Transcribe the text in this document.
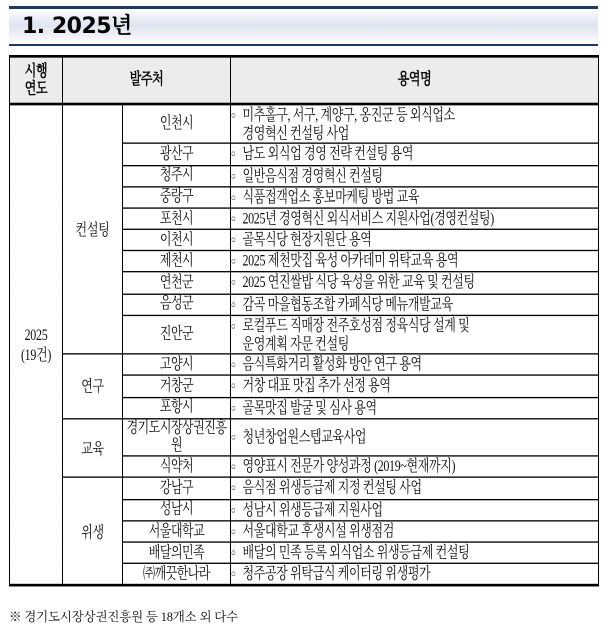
1. 2025년
시행
연도	발주처		용역명
2025
(19건)	컨설팅	인천시	○ 미추홀구, 서구, 계양구, 옹진군 등 외식업소
경영혁신 컨설팅 사업

		광산구	○ 남도 외식업 경영 전략 컨설팅 용역

		청주시	○ 일반음식점 경영혁신 컨설팅

		중랑구	○ 식품접객업소 홍보마케팅 방법 교육

		포천시	○ 2025년 경영혁신 외식서비스 지원사업(경영컨설팅)

		이천시	○ 골목식당 현장지원단 용역

		제천시	○ 2025 제천맛집 육성 아카데미 위탁교육 용역

		연천군	○ 2025 연진쌀밥 식당 육성을 위한 교육 및 컨설팅

		음성군	○ 감곡 마을협동조합 카페식당 메뉴개발교육

		진안군	○ 로컬푸드 직매장 전주호성점 정육식당 설계 및
운영계획 자문 컨설팅

	연구	고양시	○ 음식특화거리 활성화 방안 연구 용역

		거창군	○ 거창 대표 맛집 추가 선정 용역

		포항시	○ 골목맛집 발굴 및 심사 용역

	교육	경기도시장상권진흥원	○ 청년창업원스텝교육사업

		식약처	○ 영양표시 전문가 양성과정 (2019~현재까지)

	위생	강남구	○ 음식점 위생등급제 지정 컨설팅 사업

		성남시	○ 성남시 위생등급제 지원사업

		서울대학교	○ 서울대학교 후생시설 위생점검

		배달의민족	○ 배달의 민족 등록 외식업소 위생등급제 컨설팅

		㈜깨끗한나라	○ 청주공장 위탁급식 케이터링 위생평가
※ 경기도시장상권진흥원 등 18개소 외 다수
